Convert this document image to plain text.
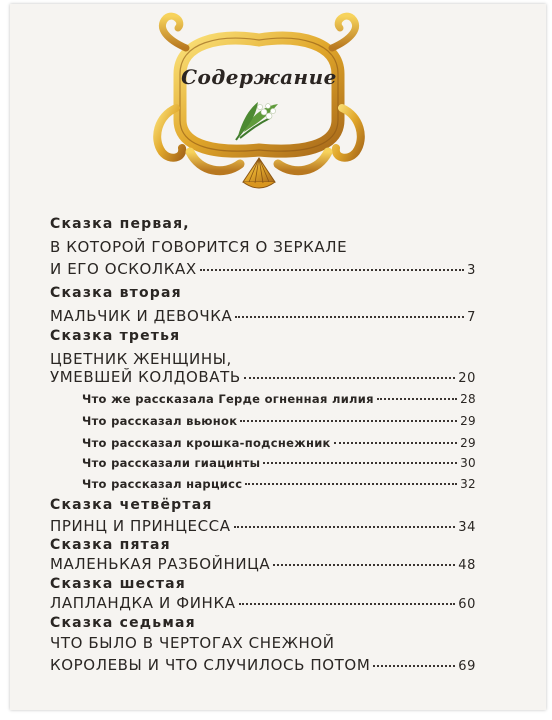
Содержание
Сказка первая,
В КОТОРОЙ ГОВОРИТСЯ О ЗЕРКАЛЕ
И ЕГО ОСКОЛКАХ	3
Сказка вторая
МАЛЬЧИК И ДЕВОЧКА	7
Сказка третья
ЦВЕТНИК ЖЕНЩИНЫ,
УМЕВШЕЙ КОЛДОВАТЬ	20
Что же рассказала Герде огненная лилия	28
Что рассказал вьюнок	29
Что рассказал крошка-подснежник	29
Что рассказали гиацинты	30
Что рассказал нарцисс	32
Сказка четвёртая
ПРИНЦ И ПРИНЦЕССА	34
Сказка пятая
МАЛЕНЬКАЯ РАЗБОЙНИЦА	48
Сказка шестая
ЛАПЛАНДКА И ФИНКА	60
Сказка седьмая
ЧТО БЫЛО В ЧЕРТОГАХ СНЕЖНОЙ
КОРОЛЕВЫ И ЧТО СЛУЧИЛОСЬ ПОТОМ	69
